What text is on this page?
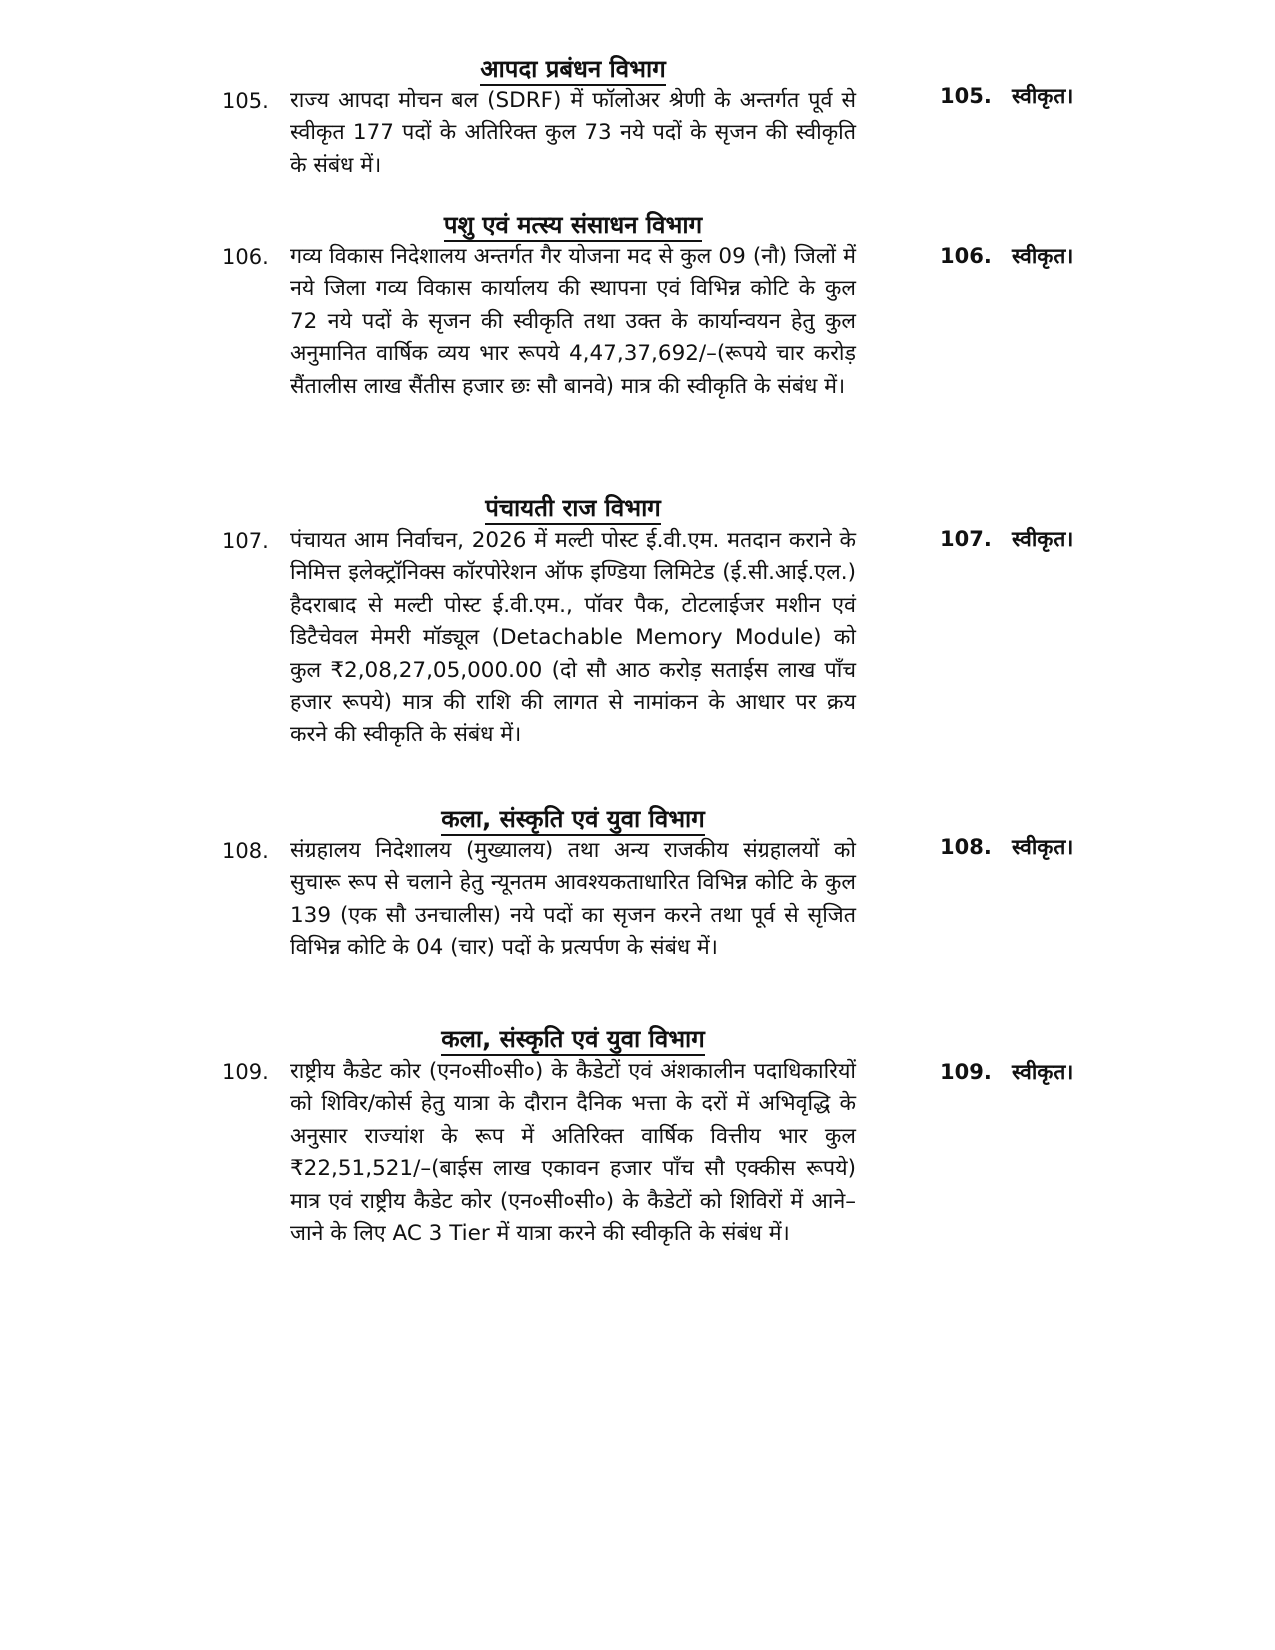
आपदा प्रबंधन विभाग
105. राज्य आपदा मोचन बल (SDRF) में फॉलोअर श्रेणी के अन्तर्गत पूर्व से स्वीकृत 177 पदों के अतिरिक्त कुल 73 नये पदों के सृजन की स्वीकृति के संबंध में।
105. स्वीकृत।
पशु एवं मत्स्य संसाधन विभाग
106. गव्य विकास निदेशालय अन्तर्गत गैर योजना मद से कुल 09 (नौ) जिलों में नये जिला गव्य विकास कार्यालय की स्थापना एवं विभिन्न कोटि के कुल 72 नये पदों के सृजन की स्वीकृति तथा उक्त के कार्यान्वयन हेतु कुल अनुमानित वार्षिक व्यय भार रूपये 4,47,37,692/–(रूपये चार करोड़ सैंतालीस लाख सैंतीस हजार छः सौ बानवे) मात्र की स्वीकृति के संबंध में।
106. स्वीकृत।
पंचायती राज विभाग
107. पंचायत आम निर्वाचन, 2026 में मल्टी पोस्ट ई.वी.एम. मतदान कराने के निमित्त इलेक्ट्रॉनिक्स कॉरपोरेशन ऑफ इण्डिया लिमिटेड (ई.सी.आई.एल.) हैदराबाद से मल्टी पोस्ट ई.वी.एम., पॉवर पैक, टोटलाईजर मशीन एवं डिटैचेवल मेमरी मॉड्यूल (Detachable Memory Module) को कुल ₹2,08,27,05,000.00 (दो सौ आठ करोड़ सताईस लाख पाँच हजार रूपये) मात्र की राशि की लागत से नामांकन के आधार पर क्रय करने की स्वीकृति के संबंध में।
107. स्वीकृत।
कला, संस्कृति एवं युवा विभाग
108. संग्रहालय निदेशालय (मुख्यालय) तथा अन्य राजकीय संग्रहालयों को सुचारू रूप से चलाने हेतु न्यूनतम आवश्यकताधारित विभिन्न कोटि के कुल 139 (एक सौ उनचालीस) नये पदों का सृजन करने तथा पूर्व से सृजित विभिन्न कोटि के 04 (चार) पदों के प्रत्यर्पण के संबंध में।
108. स्वीकृत।
कला, संस्कृति एवं युवा विभाग
109. राष्ट्रीय कैडेट कोर (एन०सी०सी०) के कैडेटों एवं अंशकालीन पदाधिकारियों को शिविर/कोर्स हेतु यात्रा के दौरान दैनिक भत्ता के दरों में अभिवृद्धि के अनुसार राज्यांश के रूप में अतिरिक्त वार्षिक वित्तीय भार कुल ₹22,51,521/–(बाईस लाख एकावन हजार पाँच सौ एक्कीस रूपये) मात्र एवं राष्ट्रीय कैडेट कोर (एन०सी०सी०) के कैडेटों को शिविरों में आने–जाने के लिए AC 3 Tier में यात्रा करने की स्वीकृति के संबंध में।
109. स्वीकृत।
